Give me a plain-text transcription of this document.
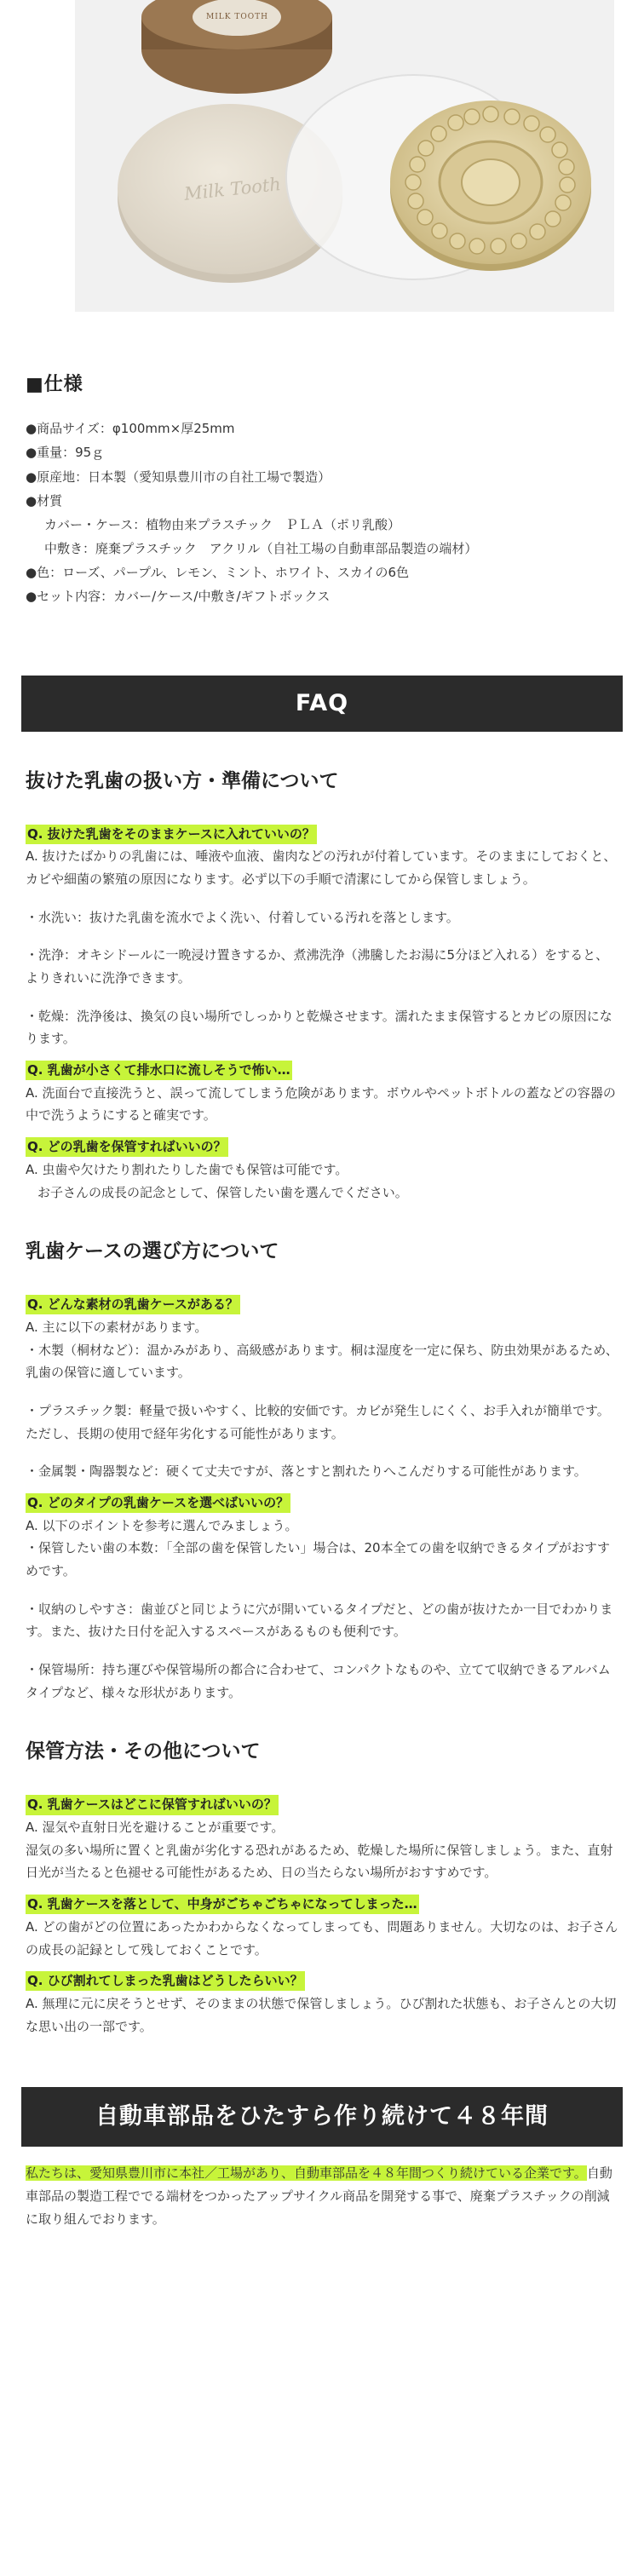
Milk Tooth
MILK TOOTH
■仕様
●商品サイズ：φ100mm×厚25mm
●重量：95ｇ
●原産地：日本製（愛知県豊川市の自社工場で製造）
●材質
カバー・ケース：植物由来プラスチック　ＰＬＡ（ポリ乳酸）
中敷き：廃棄プラスチック　アクリル（自社工場の自動車部品製造の端材）
●色：ローズ、パープル、レモン、ミント、ホワイト、スカイの6色
●セット内容：カバー/ケース/中敷き/ギフトボックス
FAQ
抜けた乳歯の扱い方・準備について
Q. 抜けた乳歯をそのままケースに入れていいの？
A. 抜けたばかりの乳歯には、唾液や血液、歯肉などの汚れが付着しています。そのままにしておくと、カビや細菌の繁殖の原因になります。必ず以下の手順で清潔にしてから保管しましょう。
・水洗い：抜けた乳歯を流水でよく洗い、付着している汚れを落とします。
・洗浄：オキシドールに一晩浸け置きするか、煮沸洗浄（沸騰したお湯に5分ほど入れる）をすると、よりきれいに洗浄できます。
・乾燥：洗浄後は、換気の良い場所でしっかりと乾燥させます。濡れたまま保管するとカビの原因になります。
Q. 乳歯が小さくて排水口に流しそうで怖い…
A. 洗面台で直接洗うと、誤って流してしまう危険があります。ボウルやペットボトルの蓋などの容器の中で洗うようにすると確実です。
Q. どの乳歯を保管すればいいの？
A. 虫歯や欠けたり割れたりした歯でも保管は可能です。
お子さんの成長の記念として、保管したい歯を選んでください。
乳歯ケースの選び方について
Q. どんな素材の乳歯ケースがある？
A. 主に以下の素材があります。
・木製（桐材など）：温かみがあり、高級感があります。桐は湿度を一定に保ち、防虫効果があるため、乳歯の保管に適しています。
・プラスチック製：軽量で扱いやすく、比較的安価です。カビが発生しにくく、お手入れが簡単です。ただし、長期の使用で経年劣化する可能性があります。
・金属製・陶器製など：硬くて丈夫ですが、落とすと割れたりへこんだりする可能性があります。
Q. どのタイプの乳歯ケースを選べばいいの？
A. 以下のポイントを参考に選んでみましょう。
・保管したい歯の本数：「全部の歯を保管したい」場合は、20本全ての歯を収納できるタイプがおすすめです。
・収納のしやすさ：歯並びと同じように穴が開いているタイプだと、どの歯が抜けたか一目でわかります。また、抜けた日付を記入するスペースがあるものも便利です。
・保管場所：持ち運びや保管場所の都合に合わせて、コンパクトなものや、立てて収納できるアルバムタイプなど、様々な形状があります。
保管方法・その他について
Q. 乳歯ケースはどこに保管すればいいの？
A. 湿気や直射日光を避けることが重要です。
湿気の多い場所に置くと乳歯が劣化する恐れがあるため、乾燥した場所に保管しましょう。また、直射日光が当たると色褪せる可能性があるため、日の当たらない場所がおすすめです。
Q. 乳歯ケースを落として、中身がごちゃごちゃになってしまった…
A. どの歯がどの位置にあったかわからなくなってしまっても、問題ありません。大切なのは、お子さんの成長の記録として残しておくことです。
Q. ひび割れてしまった乳歯はどうしたらいい？
A. 無理に元に戻そうとせず、そのままの状態で保管しましょう。ひび割れた状態も、お子さんとの大切な思い出の一部です。
自動車部品をひたすら作り続けて４８年間
私たちは、愛知県豊川市に本社／工場があり、自動車部品を４８年間つくり続けている企業です。自動車部品の製造工程ででる端材をつかったアップサイクル商品を開発する事で、廃棄プラスチックの削減に取り組んでおります。
